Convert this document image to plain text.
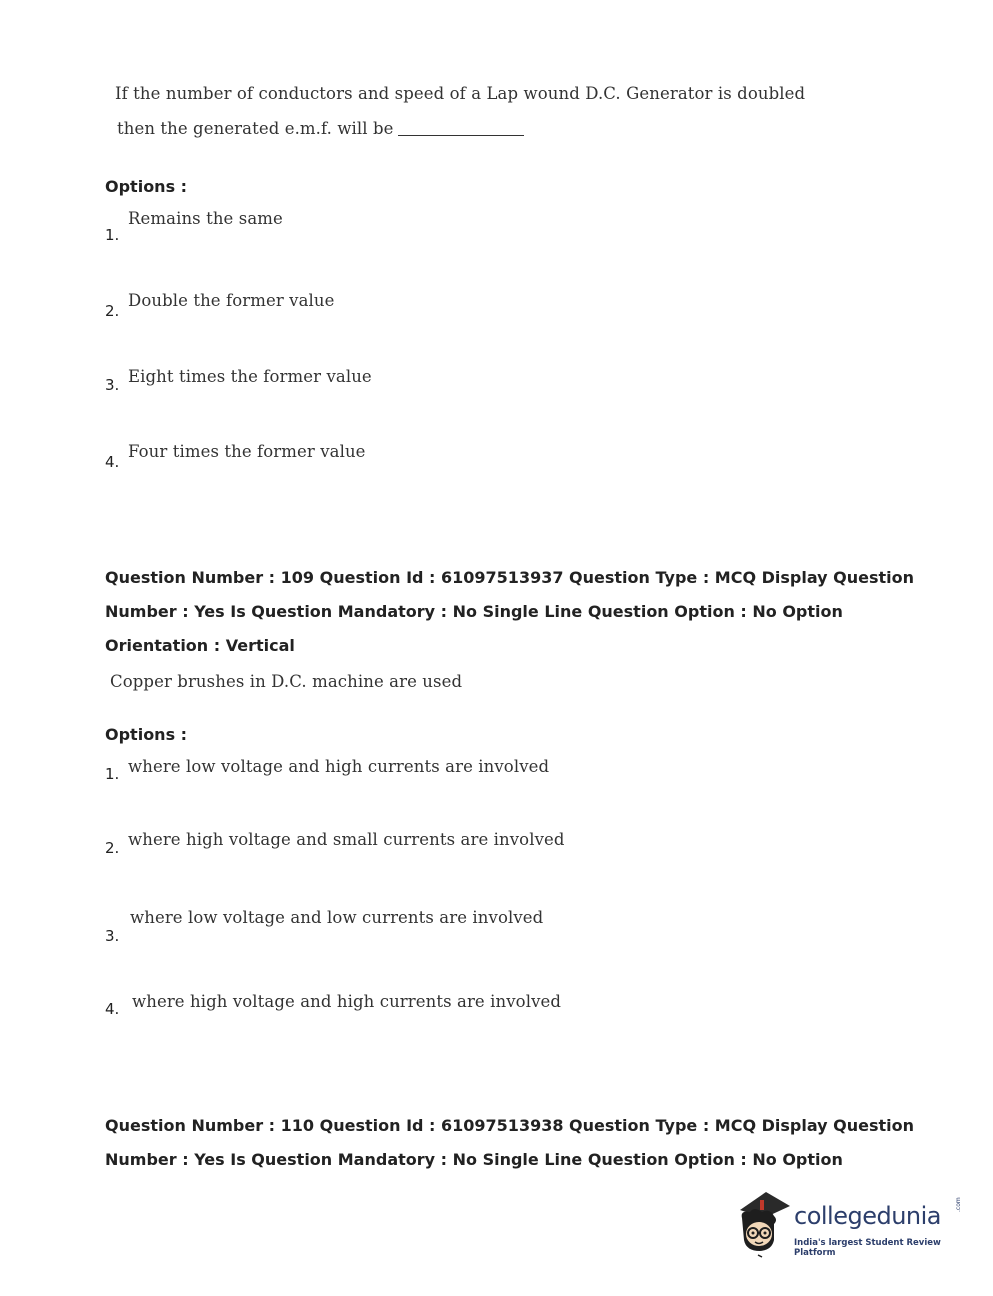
If the number of conductors and speed of a Lap wound D.C. Generator is doubled
then the generated e.m.f. will be
Options :
Remains the same
1.
Double the former value
2.
Eight times the former value
3.
Four times the former value
4.
Question Number : 109 Question Id : 61097513937 Question Type : MCQ Display Question
Number : Yes Is Question Mandatory : No Single Line Question Option : No Option
Orientation : Vertical
Copper brushes in D.C. machine are used
Options :
1. where low voltage and high currents are involved
2. where high voltage and small currents are involved
where low voltage and low currents are involved
3.
4. where high voltage and high currents are involved
Question Number : 110 Question Id : 61097513938 Question Type : MCQ Display Question
Number : Yes Is Question Mandatory : No Single Line Question Option : No Option
collegedunia .com
India's largest Student Review Platform
